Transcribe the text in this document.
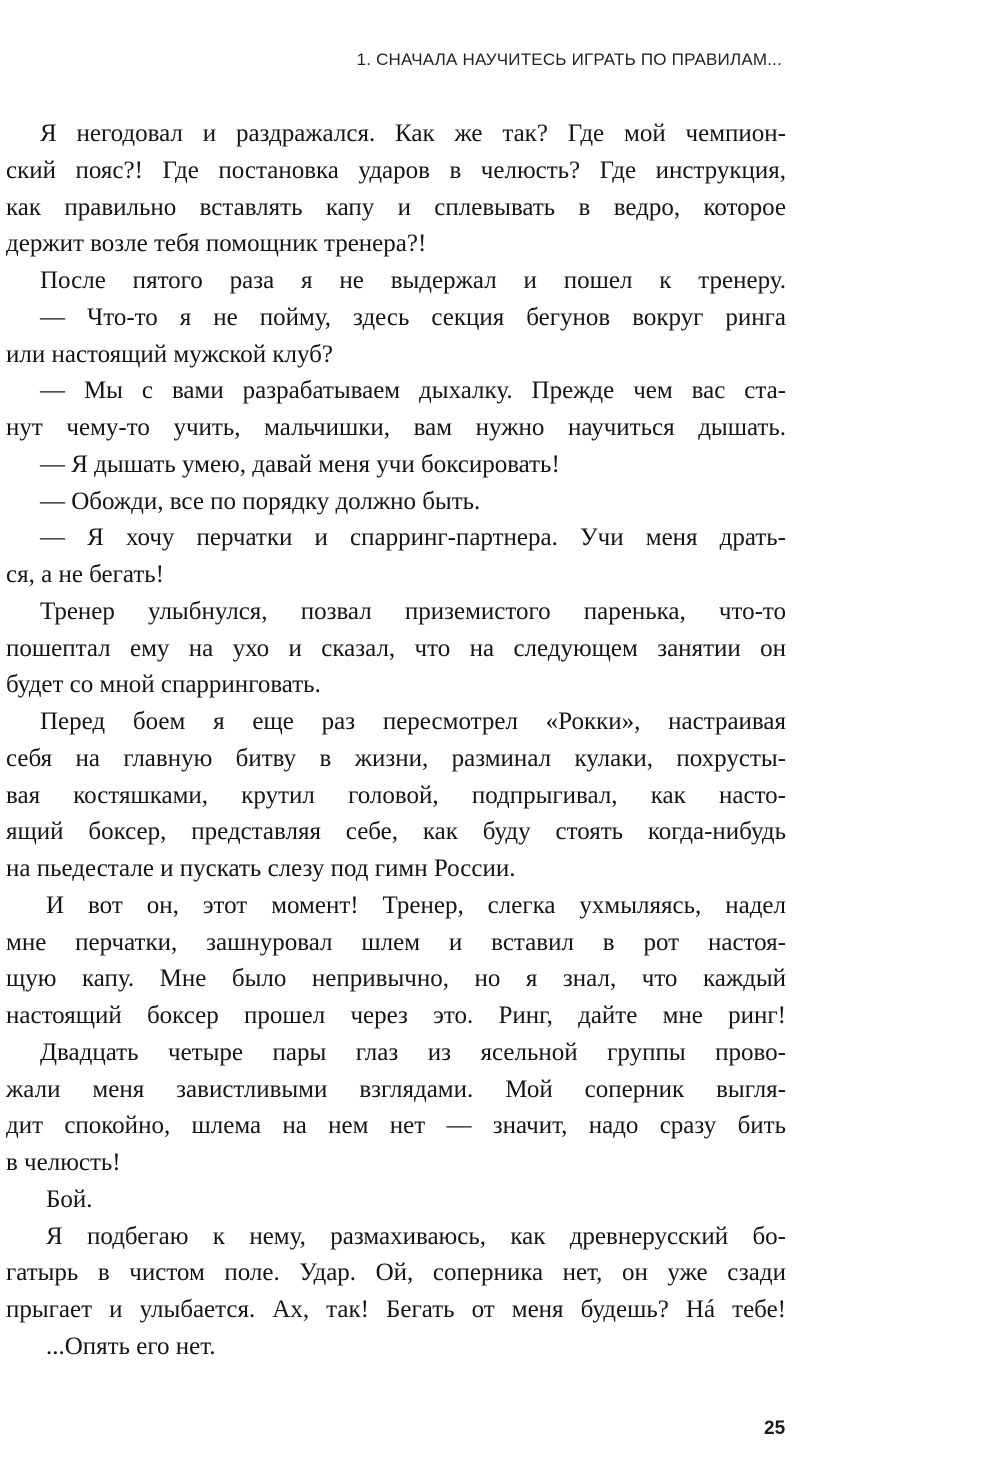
1. СНАЧАЛА НАУЧИТЕСЬ ИГРАТЬ ПО ПРАВИЛАМ...
Я негодовал и раздражался. Как же так? Где мой чемпион-
ский пояс?! Где постановка ударов в челюсть? Где инструкция,
как правильно вставлять капу и сплевывать в ведро, которое
держит возле тебя помощник тренера?!
После пятого раза я не выдержал и пошел к тренеру.
— Что-то я не пойму, здесь секция бегунов вокруг ринга
или настоящий мужской клуб?
— Мы с вами разрабатываем дыхалку. Прежде чем вас ста-
нут чему-то учить, мальчишки, вам нужно научиться дышать.
— Я дышать умею, давай меня учи боксировать!
— Обожди, все по порядку должно быть.
— Я хочу перчатки и спарринг-партнера. Учи меня драть-
ся, а не бегать!
Тренер улыбнулся, позвал приземистого паренька, что-то
пошептал ему на ухо и сказал, что на следующем занятии он
будет со мной спарринговать.
Перед боем я еще раз пересмотрел «Рокки», настраивая
себя на главную битву в жизни, разминал кулаки, похрусты-
вая костяшками, крутил головой, подпрыгивал, как насто-
ящий боксер, представляя себе, как буду стоять когда-нибудь
на пьедестале и пускать слезу под гимн России.
И вот он, этот момент! Тренер, слегка ухмыляясь, надел
мне перчатки, зашнуровал шлем и вставил в рот настоя-
щую капу. Мне было непривычно, но я знал, что каждый
настоящий боксер прошел через это. Ринг, дайте мне ринг!
Двадцать четыре пары глаз из ясельной группы прово-
жали меня завистливыми взглядами. Мой соперник выгля-
дит спокойно, шлема на нем нет — значит, надо сразу бить
в челюсть!
Бой.
Я подбегаю к нему, размахиваюсь, как древнерусский бо-
гатырь в чистом поле. Удар. Ой, соперника нет, он уже сзади
прыгает и улыбается. Ах, так! Бегать от меня будешь? Нá тебе!
...Опять его нет.
25
